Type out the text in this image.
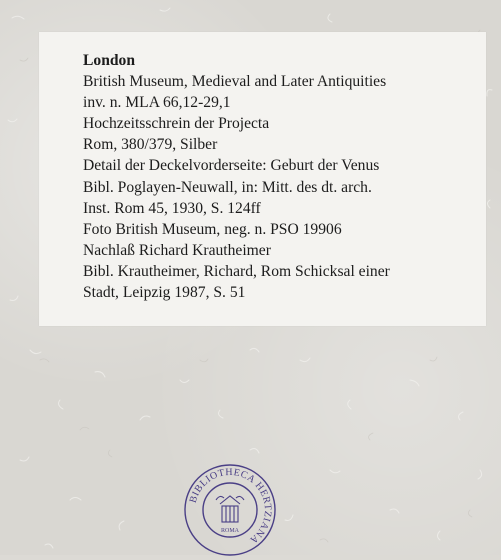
London
British Museum, Medieval and Later Antiquities
inv. n. MLA 66,12-29,1
Hochzeitsschrein der Projecta
Rom, 380/379, Silber
Detail der Deckelvorderseite: Geburt der Venus
Bibl. Poglayen-Neuwall, in: Mitt. des dt. arch.
Inst. Rom 45, 1930, S. 124ff
Foto British Museum, neg. n. PSO 19906
Nachlaß Richard Krautheimer
Bibl. Krautheimer, Richard, Rom Schicksal einer
Stadt, Leipzig 1987, S. 51
BIBLIOTHECA HERTZIANA
ROMA
